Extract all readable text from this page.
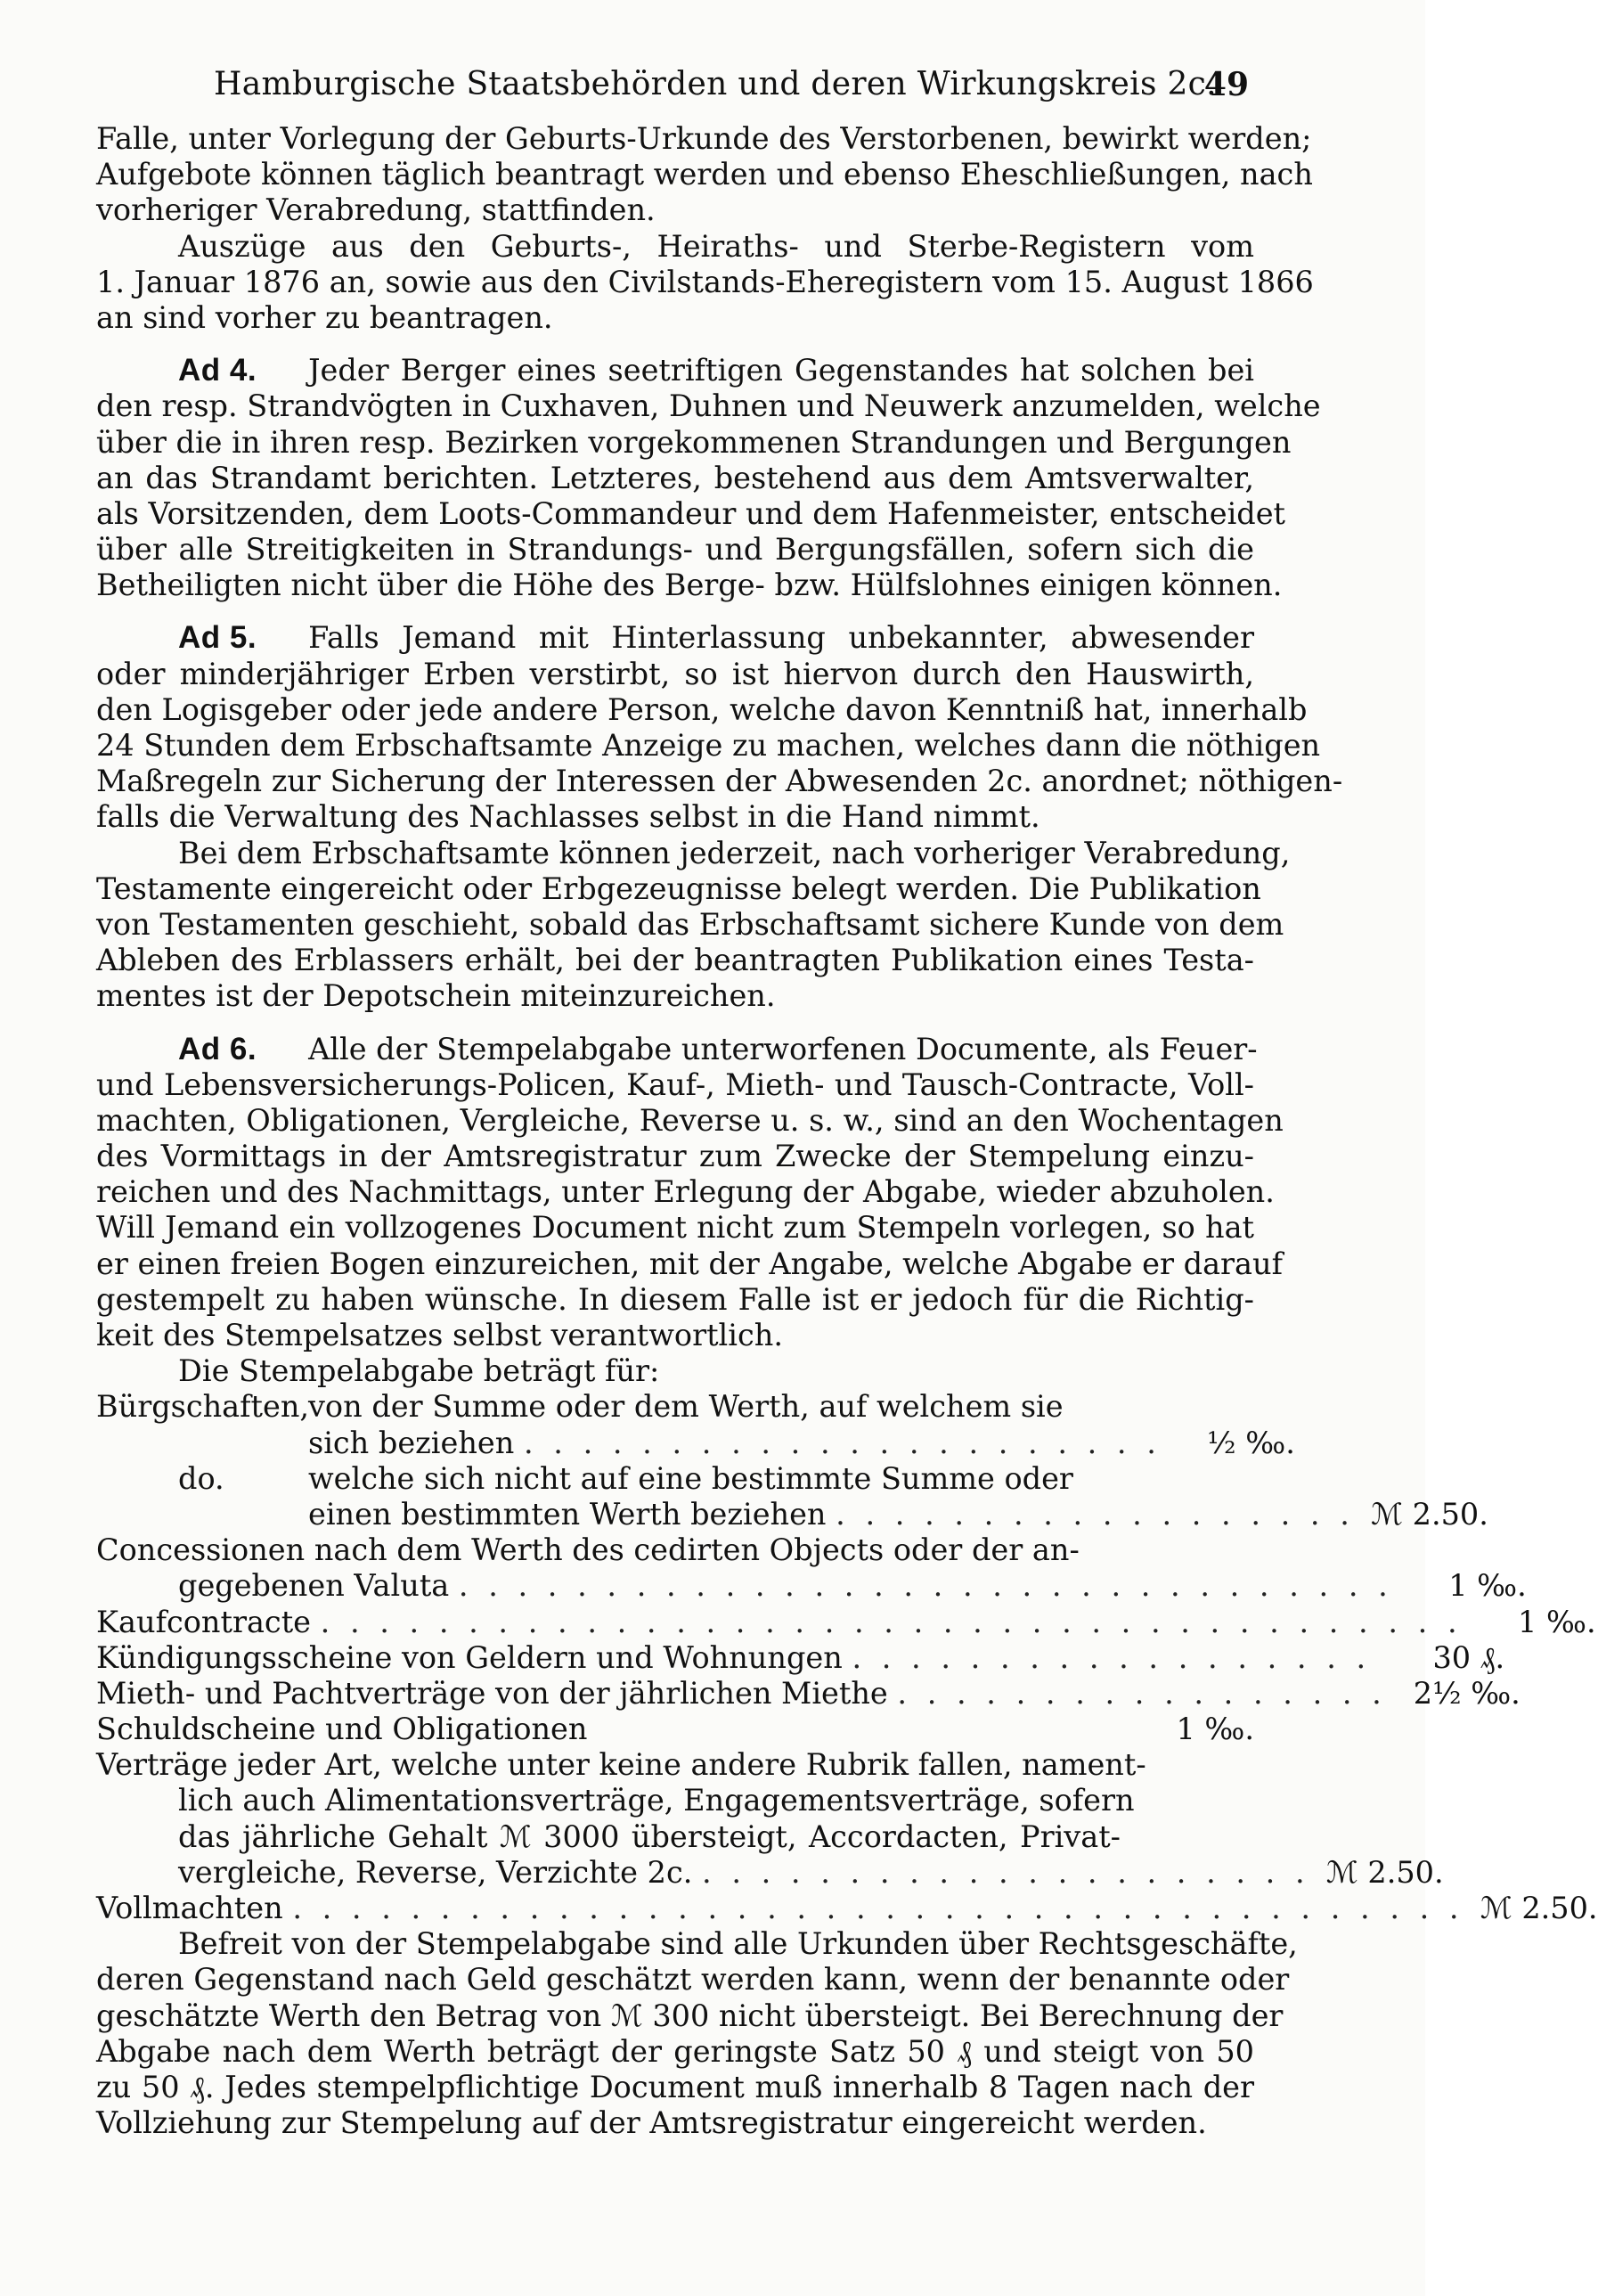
Hamburgische Staatsbehörden und deren Wirkungskreis 2c.
49
Falle, unter Vorlegung der Geburts-Urkunde des Verstorbenen, bewirkt werden;
Aufgebote können täglich beantragt werden und ebenso Eheschließungen, nach
vorheriger Verabredung, stattfinden.
Auszüge aus den Geburts-, Heiraths- und Sterbe-Registern vom
1. Januar 1876 an, sowie aus den Civilstands-Eheregistern vom 15. August 1866
an sind vorher zu beantragen.
Ad 4. Jeder Berger eines seetriftigen Gegenstandes hat solchen bei
den resp. Strandvögten in Cuxhaven, Duhnen und Neuwerk anzumelden, welche
über die in ihren resp. Bezirken vorgekommenen Strandungen und Bergungen
an das Strandamt berichten. Letzteres, bestehend aus dem Amtsverwalter,
als Vorsitzenden, dem Loots-Commandeur und dem Hafenmeister, entscheidet
über alle Streitigkeiten in Strandungs- und Bergungsfällen, sofern sich die
Betheiligten nicht über die Höhe des Berge- bzw. Hülfslohnes einigen können.
Ad 5. Falls Jemand mit Hinterlassung unbekannter, abwesender
oder minderjähriger Erben verstirbt, so ist hiervon durch den Hauswirth,
den Logisgeber oder jede andere Person, welche davon Kenntniß hat, innerhalb
24 Stunden dem Erbschaftsamte Anzeige zu machen, welches dann die nöthigen
Maßregeln zur Sicherung der Interessen der Abwesenden 2c. anordnet; nöthigen-
falls die Verwaltung des Nachlasses selbst in die Hand nimmt.
Bei dem Erbschaftsamte können jederzeit, nach vorheriger Verabredung,
Testamente eingereicht oder Erbgezeugnisse belegt werden. Die Publikation
von Testamenten geschieht, sobald das Erbschaftsamt sichere Kunde von dem
Ableben des Erblassers erhält, bei der beantragten Publikation eines Testa-
mentes ist der Depotschein miteinzureichen.
Ad 6. Alle der Stempelabgabe unterworfenen Documente, als Feuer-
und Lebensversicherungs-Policen, Kauf-, Mieth- und Tausch-Contracte, Voll-
machten, Obligationen, Vergleiche, Reverse u. s. w., sind an den Wochentagen
des Vormittags in der Amtsregistratur zum Zwecke der Stempelung einzu-
reichen und des Nachmittags, unter Erlegung der Abgabe, wieder abzuholen.
Will Jemand ein vollzogenes Document nicht zum Stempeln vorlegen, so hat
er einen freien Bogen einzureichen, mit der Angabe, welche Abgabe er darauf
gestempelt zu haben wünsche. In diesem Falle ist er jedoch für die Richtig-
keit des Stempelsatzes selbst verantwortlich.
Die Stempelabgabe beträgt für:
Bürgschaften,
von der Summe oder dem Werth, auf welchem sie
sich beziehen . . . . . . . . . . . . . . . . . . . . . .	½ ‰.
do.	welche sich nicht auf eine bestimmte Summe oder
einen bestimmten Werth beziehen . . . . . . . . . . . . . . . . . . ℳ 2.50.
Concessionen nach dem Werth des cedirten Objects oder der an-
gegebenen Valuta . . . . . . . . . . . . . . . . . . . . . . . . . . . . . . . .	1 ‰.
Kaufcontracte . . . . . . . . . . . . . . . . . . . . . . . . . . . . . . . . . . . . . . .	1 ‰.
Kündigungsscheine von Geldern und Wohnungen . . . . . . . . . . . . . . . . . .	30 ₰.
Mieth- und Pachtverträge von der jährlichen Miethe . . . . . . . . . . . . . . . . . 2½ ‰.
Schuldscheine und Obligationen	1 ‰.
Verträge jeder Art, welche unter keine andere Rubrik fallen, nament-
lich auch Alimentationsverträge, Engagementsverträge, sofern
das jährliche Gehalt ℳ 3000 übersteigt, Accordacten, Privat-
vergleiche, Reverse, Verzichte 2c. . . . . . . . . . . . . . . . . . . . . . ℳ 2.50.
Vollmachten . . . . . . . . . . . . . . . . . . . . . . . . . . . . . . . . . . . . . . . . ℳ 2.50.
Befreit von der Stempelabgabe sind alle Urkunden über Rechtsgeschäfte,
deren Gegenstand nach Geld geschätzt werden kann, wenn der benannte oder
geschätzte Werth den Betrag von ℳ 300 nicht übersteigt. Bei Berechnung der
Abgabe nach dem Werth beträgt der geringste Satz 50 ₰ und steigt von 50
zu 50 ₰. Jedes stempelpflichtige Document muß innerhalb 8 Tagen nach der
Vollziehung zur Stempelung auf der Amtsregistratur eingereicht werden.
